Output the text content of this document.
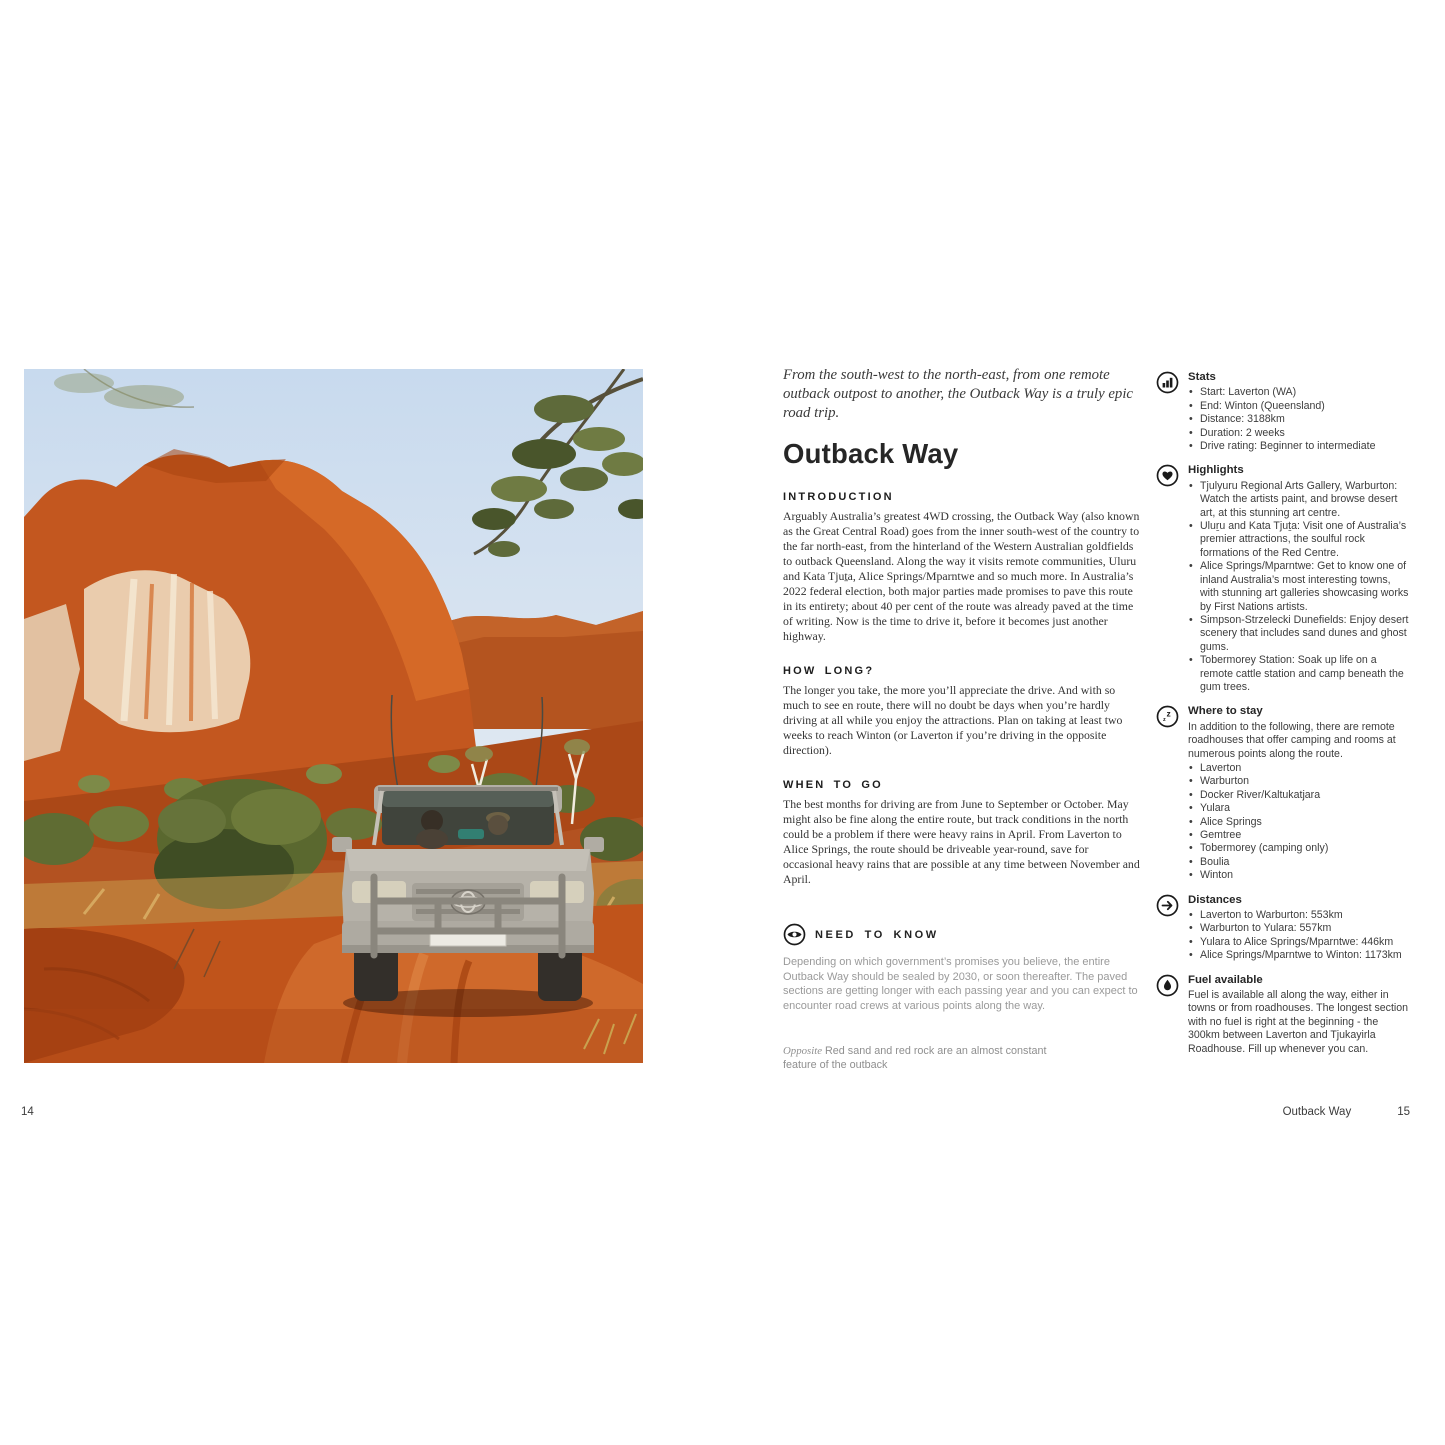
14

From the south-west to the north-east, from one remote outback outpost to another, the Outback Way is a truly epic road trip.

Outback Way
INTRODUCTION

Arguably Australia’s greatest 4WD crossing, the Outback Way (also known as the Great Central Road) goes from the inner south-west of the country to the far north-east, from the hinterland of the Western Australian goldfields to outback Queensland. Along the way it visits remote communities, Uluru and Kata Tjuṯa, Alice Springs/Mparntwe and so much more. In Australia’s 2022 federal election, both major parties made promises to pave this route in its entirety; about 40 per cent of the route was already paved at the time of writing. Now is the time to drive it, before it becomes just another highway.

HOW LONG?

The longer you take, the more you’ll appreciate the drive. And with so much to see en route, there will no doubt be days when you’re hardly driving at all while you enjoy the attractions. Plan on taking at least two weeks to reach Winton (or Laverton if you’re driving in the opposite direction).

WHEN TO GO

The best months for driving are from June to September or October. May might also be fine along the entire route, but track conditions in the north could be a problem if there were heavy rains in April. From Laverton to Alice Springs, the route should be driveable year-round, save for occasional heavy rains that are possible at any time between November and April.

NEED TO KNOW

Depending on which government’s promises you believe, the entire Outback Way should be sealed by 2030, or soon thereafter. The paved sections are getting longer with each passing year and you can expect to encounter road crews at various points along the way.

Opposite Red sand and red rock are an almost constant feature of the outback

Stats
• Start: Laverton (WA)
• End: Winton (Queensland)
• Distance: 3188km
• Duration: 2 weeks
• Drive rating: Beginner to intermediate
Highlights
• Tjulyuru Regional Arts Gallery, Warburton: Watch the artists paint, and browse desert art, at this stunning art centre.
• Uluṟu and Kata Tjuṯa: Visit one of Australia’s premier attractions, the soulful rock formations of the Red Centre.
• Alice Springs/Mparntwe: Get to know one of inland Australia’s most interesting towns, with stunning art galleries showcasing works by First Nations artists.
• Simpson-Strzelecki Dunefields: Enjoy desert scenery that includes sand dunes and ghost gums.
• Tobermorey Station: Soak up life on a remote cattle station and camp beneath the gum trees.
z
z
Where to stay

In addition to the following, there are remote roadhouses that offer camping and rooms at numerous points along the route.

• Laverton
• Warburton
• Docker River/Kaltukatjara
• Yulara
• Alice Springs
• Gemtree
• Tobermorey (camping only)
• Boulia
• Winton
Distances
• Laverton to Warburton: 553km
• Warburton to Yulara: 557km
• Yulara to Alice Springs/Mparntwe: 446km
• Alice Springs/Mparntwe to Winton: 1173km
Fuel available

Fuel is available all along the way, either in towns or from roadhouses. The longest section with no fuel is right at the beginning - the 300km between Laverton and Tjukayirla Roadhouse. Fill up whenever you can.

Outback Way	15
